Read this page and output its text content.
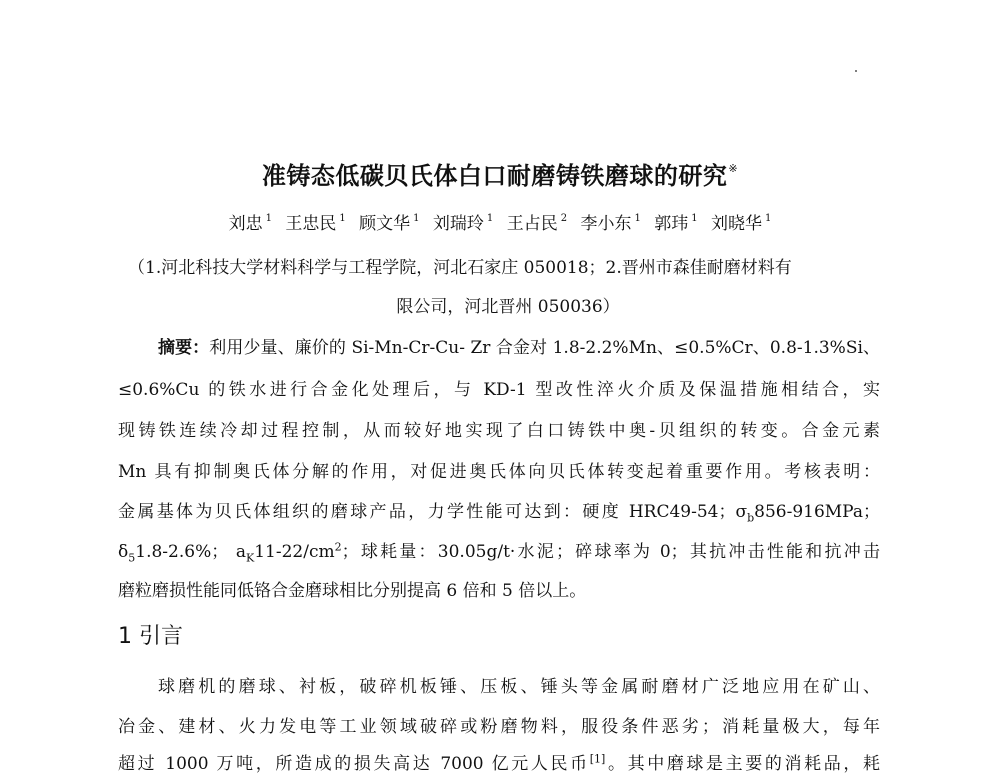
准铸态低碳贝氏体白口耐磨铸铁磨球的研究※
刘忠 $^1$ 王忠民 $^1$ 顾文华 $^1$ 刘瑞玲 $^1$ 王占民 $^2$ 李小东 $^1$ 郭玮 $^1$ 刘晓华 $^1$
（1.河北科技大学材料科学与工程学院，河北石家庄 050018；2.晋州市森佳耐磨材料有
限公司，河北晋州 050036）
摘要：利用少量、廉价的 Si-Mn-Cr-Cu- Zr 合金对 1.8-2.2%Mn、≤0.5%Cr、0.8-1.3%Si、
≤0.6%Cu 的铁水进行合金化处理后，与 KD-1 型改性淬火介质及保温措施相结合，实
现铸铁连续冷却过程控制，从而较好地实现了白口铸铁中奥-贝组织的转变。合金元素
Mn 具有抑制奥氏体分解的作用，对促进奥氏体向贝氏体转变起着重要作用。考核表明：
金属基体为贝氏体组织的磨球产品，力学性能可达到：硬度 HRC49-54；$\sigma_b856-916MPa$；
$\delta_51.8-2.6\%$； $a_K11-22/cm^2$；球耗量：30.05g/t·水泥；碎球率为 0；其抗冲击性能和抗冲击
磨粒磨损性能同低铬合金磨球相比分别提高 6 倍和 5 倍以上。
1 引言
球磨机的磨球、衬板，破碎机板锤、压板、锤头等金属耐磨材广泛地应用在矿山、
冶金、建材、火力发电等工业领域破碎或粉磨物料，服役条件恶劣；消耗量极大，每年
超过 1000 万吨，所造成的损失高达 7000 亿元人民币[1]。其中磨球是主要的消耗品，耗
